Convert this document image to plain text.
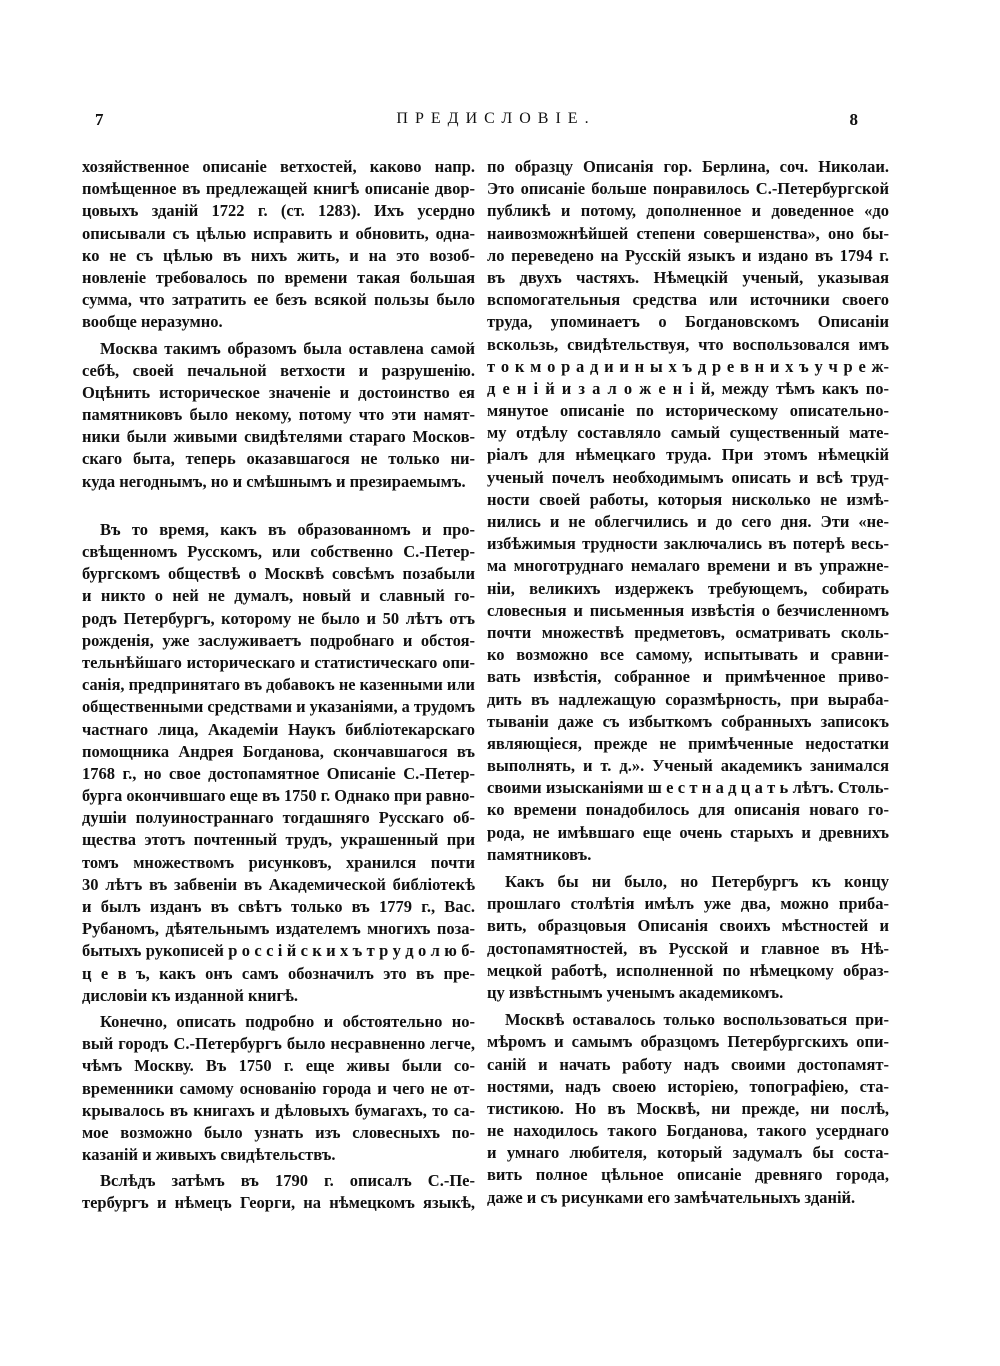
7	ПРЕДИСЛОВІЕ.	8
хозяйственное описаніе ветхостей, каково напр.
помѣщенное въ предлежащей книгѣ описаніе двор-
цовыхъ зданій 1722 г. (ст. 1283). Ихъ усердно
описывали съ цѣлью исправить и обновить, одна-
ко не съ цѣлью въ нихъ жить, и на это возоб-
новленіе требовалось по времени такая большая
сумма, что затратить ее безъ всякой пользы было
вообще неразумно.
Москва такимъ образомъ была оставлена самой
себѣ, своей печальной ветхости и разрушенію.
Оцѣнить историческое значеніе и достоинство ея
памятниковъ было некому, потому что эти намят-
ники были живыми свидѣтелями стараго Москов-
скаго быта, теперь оказавшагося не только ни-
куда негоднымъ, но и смѣшнымъ и презираемымъ.
Въ то время, какъ въ образованномъ и про-
свѣщенномъ Русскомъ, или собственно С.-Петер-
бургскомъ обществѣ о Москвѣ совсѣмъ позабыли
и никто о ней не думалъ, новый и славный го-
родъ Петербургъ, которому не было и 50 лѣтъ отъ
рожденія, уже заслуживаетъ подробнаго и обстоя-
тельнѣйшаго историческаго и статистическаго опи-
санія, предпринятаго въ добавокъ не казенными или
общественными средствами и указаніями, а трудомъ
частнаго лица, Академіи Наукъ библіотекарскаго
помощника Андрея Богданова, скончавшагося въ
1768 г., но свое достопамятное Описаніе С.-Петер-
бурга окончившаго еще въ 1750 г. Однако при равно-
душіи полуиностраннаго тогдашняго Русскаго об-
щества этотъ почтенный трудъ, украшенный при
томъ множествомъ рисунковъ, хранился почти
30 лѣтъ въ забвеніи въ Академической библіотекѣ
и былъ изданъ въ свѣтъ только въ 1779 г., Вас.
Рубаномъ, дѣятельнымъ издателемъ многихъ поза-
бытыхъ рукописей р о с с і й с к и х ъ т р у д о л ю б-
ц е в ъ, какъ онъ самъ обозначилъ это въ пре-
дисловіи къ изданной книгѣ.
Конечно, описать подробно и обстоятельно но-
вый городъ С.-Петербургъ было несравненно легче,
чѣмъ Москву. Въ 1750 г. еще живы были со-
временники самому основанію города и чего не от-
крывалось въ книгахъ и дѣловыхъ бумагахъ, то са-
мое возможно было узнать изъ словесныхъ по-
казаній и живыхъ свидѣтельствъ.
Вслѣдъ затѣмъ въ 1790 г. описалъ С.-Пе-
тербургъ и нѣмецъ Георги, на нѣмецкомъ языкѣ,
по образцу Описанія гор. Берлина, соч. Николаи.
Это описаніе больше понравилось С.-Петербургской
публикѣ и потому, дополненное и доведенное «до
наивозможнѣйшей степени совершенства», оно бы-
ло переведено на Русскій языкъ и издано въ 1794 г.
въ двухъ частяхъ. Нѣмецкій ученый, указывая
вспомогательныя средства или источники своего
труда, упоминаетъ о Богдановскомъ Описаніи
вскользь, свидѣтельствуя, что воспользовался имъ
т о к м о р а д и и н ы х ъ д р е в н и х ъ у ч р е ж-
д е н і й и з а л о ж е н і й, между тѣмъ какъ по-
мянутое описаніе по историческому описательно-
му отдѣлу составляло самый существенный мате-
ріалъ для нѣмецкаго труда. При этомъ нѣмецкій
ученый почелъ необходимымъ описать и всѣ труд-
ности своей работы, которыя нисколько не измѣ-
нились и не облегчились и до сего дня. Эти «не-
избѣжимыя трудности заключались въ потерѣ весь-
ма многотруднаго немалаго времени и въ упражне-
ніи, великихъ издержекъ требующемъ, собирать
словесныя и письменныя извѣстія о безчисленномъ
почти множествѣ предметовъ, осматривать сколь-
ко возможно все самому, испытывать и сравни-
вать извѣстія, собранное и примѣченное приво-
дить въ надлежащую соразмѣрность, при выраба-
тываніи даже съ избыткомъ собранныхъ записокъ
являющіеся, прежде не примѣченные недостатки
выполнять, и т. д.». Ученый академикъ занимался
своими изысканіями ш е с т н а д ц а т ь лѣтъ. Столь-
ко времени понадобилось для описанія новаго го-
рода, не имѣвшаго еще очень старыхъ и древнихъ
памятниковъ.
Какъ бы ни было, но Петербургъ къ концу
прошлаго столѣтія имѣлъ уже два, можно приба-
вить, образцовыя Описанія своихъ мѣстностей и
достопамятностей, въ Русской и главное въ Нѣ-
мецкой работѣ, исполненной по нѣмецкому образ-
цу извѣстнымъ ученымъ академикомъ.
Москвѣ оставалось только воспользоваться при-
мѣромъ и самымъ образцомъ Петербургскихъ опи-
саній и начать работу надъ своими достопамят-
ностями, надъ своею исторіею, топографіею, ста-
тистикою. Но въ Москвѣ, ни прежде, ни послѣ,
не находилось такого Богданова, такого усерднаго
и умнаго любителя, который задумалъ бы соста-
вить полное цѣльное описаніе древняго города,
даже и съ рисунками его замѣчательныхъ зданій.
